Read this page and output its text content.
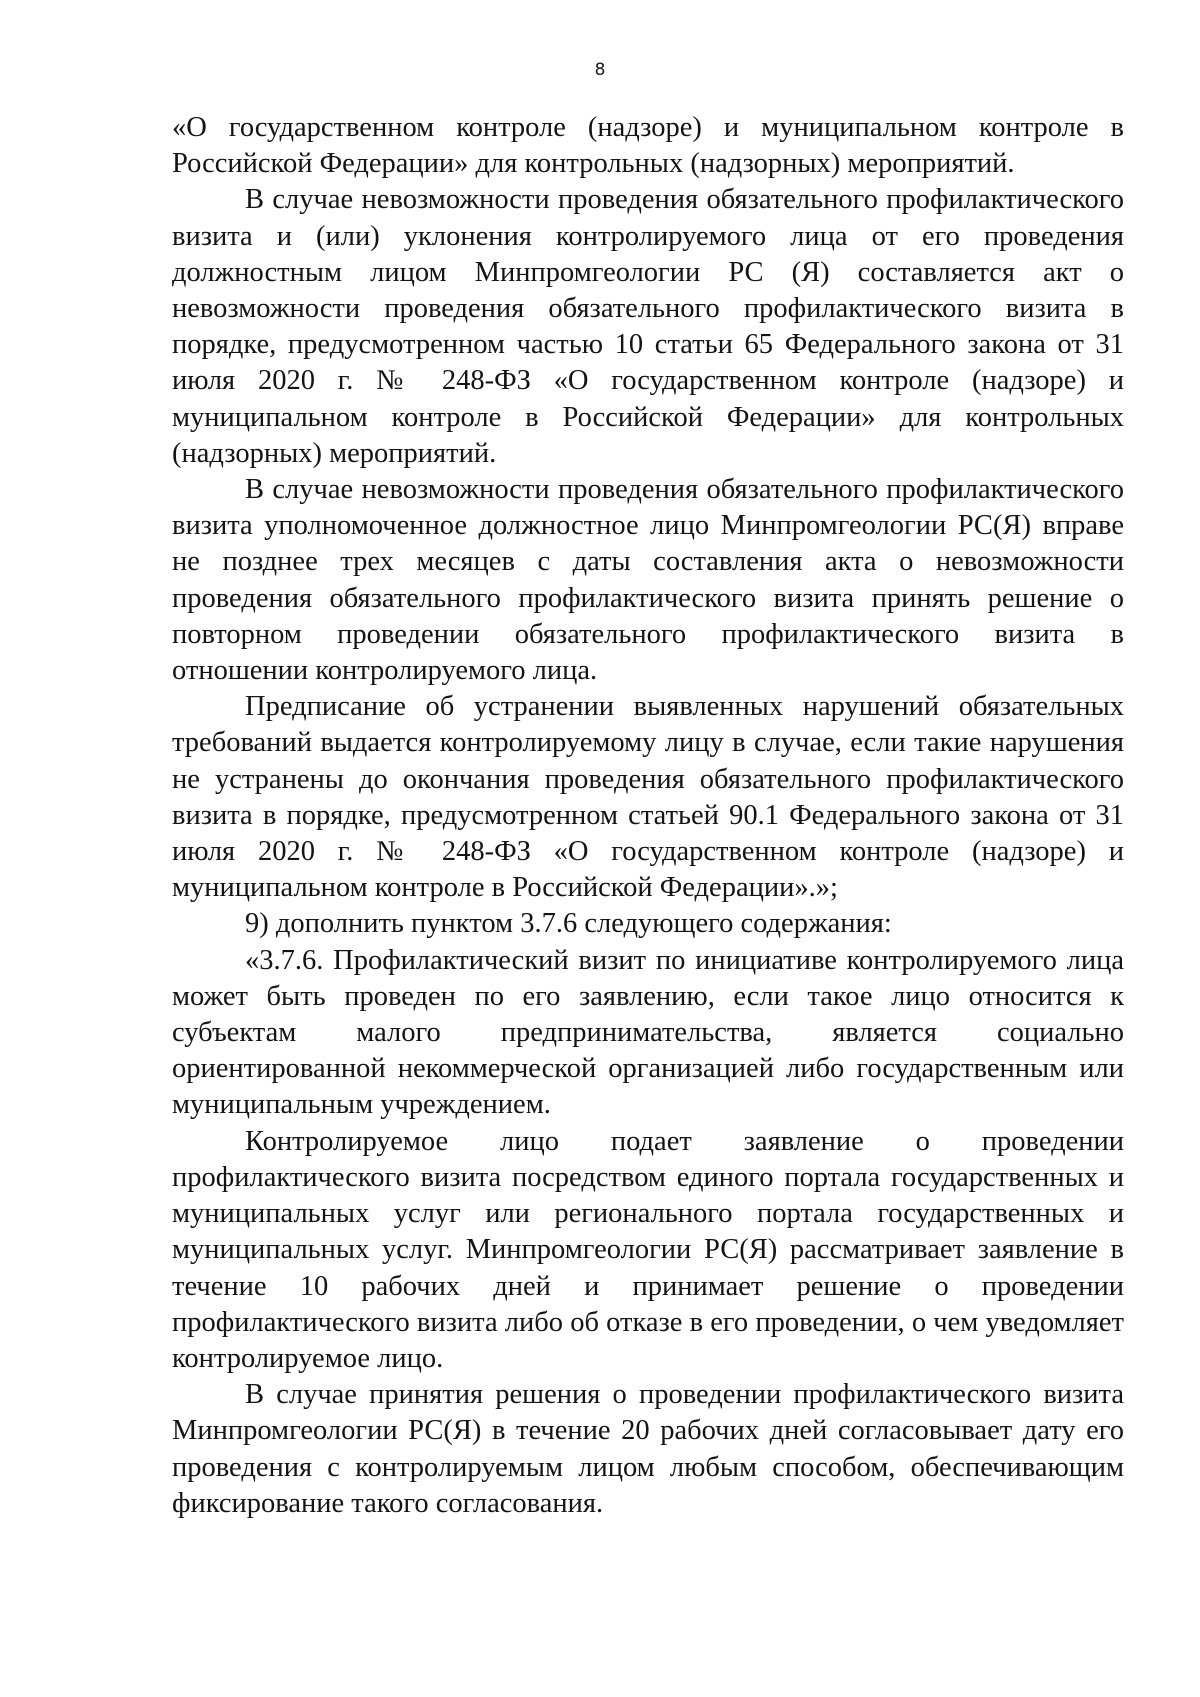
8

«О государственном контроле (надзоре) и муниципальном контроле в Российской Федерации» для контрольных (надзорных) мероприятий.

В случае невозможности проведения обязательного профилактического визита и (или) уклонения контролируемого лица от его проведения должностным лицом Минпромгеологии РС (Я) составляется акт о невозможности проведения обязательного профилактического визита в порядке, предусмотренном частью 10 статьи 65 Федерального закона от 31 июля 2020 г. № 248-ФЗ «О государственном контроле (надзоре) и муниципальном контроле в Российской Федерации» для контрольных (надзорных) мероприятий.

В случае невозможности проведения обязательного профилактического визита уполномоченное должностное лицо Минпромгеологии РС(Я) вправе не позднее трех месяцев с даты составления акта о невозможности проведения обязательного профилактического визита принять решение о повторном проведении обязательного профилактического визита в отношении контролируемого лица.

Предписание об устранении выявленных нарушений обязательных требований выдается контролируемому лицу в случае, если такие нарушения не устранены до окончания проведения обязательного профилактического визита в порядке, предусмотренном статьей 90.1 Федерального закона от 31 июля 2020 г. № 248-ФЗ «О государственном контроле (надзоре) и муниципальном контроле в Российской Федерации».»;

9) дополнить пунктом 3.7.6 следующего содержания:

«3.7.6. Профилактический визит по инициативе контролируемого лица может быть проведен по его заявлению, если такое лицо относится к субъектам малого предпринимательства, является социально ориентированной некоммерческой организацией либо государственным или муниципальным учреждением.

Контролируемое лицо подает заявление о проведении профилактического визита посредством единого портала государственных и муниципальных услуг или регионального портала государственных и муниципальных услуг. Минпромгеологии РС(Я) рассматривает заявление в течение 10 рабочих дней и принимает решение о проведении профилактического визита либо об отказе в его проведении, о чем уведомляет контролируемое лицо.

В случае принятия решения о проведении профилактического визита Минпромгеологии РС(Я) в течение 20 рабочих дней согласовывает дату его проведения с контролируемым лицом любым способом, обеспечивающим фиксирование такого согласования.
